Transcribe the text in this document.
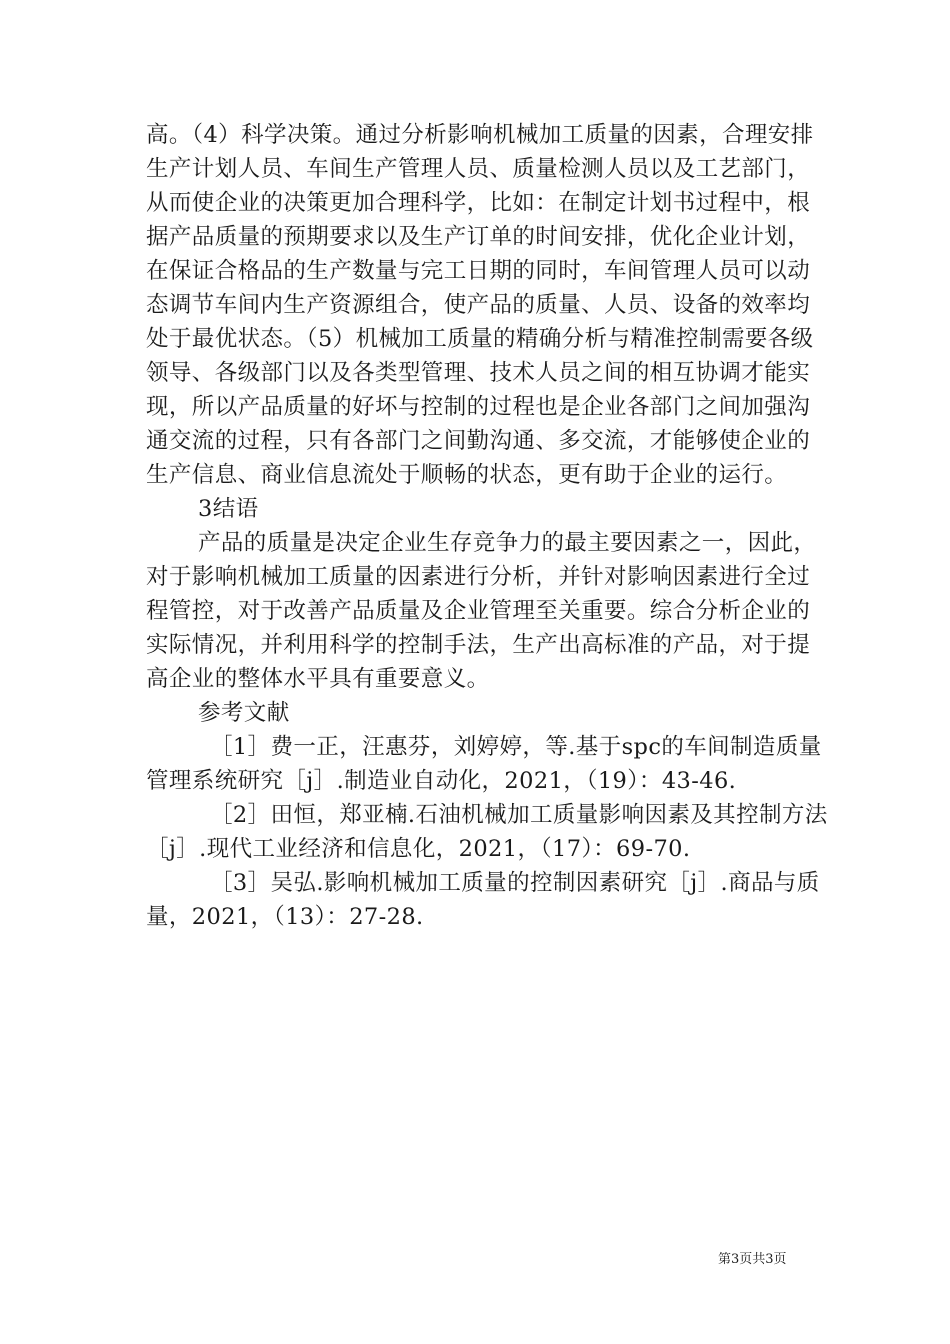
高。（4）科学决策。通过分析影响机械加工质量的因素，合理安排
生产计划人员、车间生产管理人员、质量检测人员以及工艺部门，
从而使企业的决策更加合理科学，比如：在制定计划书过程中，根
据产品质量的预期要求以及生产订单的时间安排，优化企业计划，
在保证合格品的生产数量与完工日期的同时，车间管理人员可以动
态调节车间内生产资源组合，使产品的质量、人员、设备的效率均
处于最优状态。（5）机械加工质量的精确分析与精准控制需要各级
领导、各级部门以及各类型管理、技术人员之间的相互协调才能实
现，所以产品质量的好坏与控制的过程也是企业各部门之间加强沟
通交流的过程，只有各部门之间勤沟通、多交流，才能够使企业的
生产信息、商业信息流处于顺畅的状态，更有助于企业的运行。
3结语
产品的质量是决定企业生存竞争力的最主要因素之一，因此，
对于影响机械加工质量的因素进行分析，并针对影响因素进行全过
程管控，对于改善产品质量及企业管理至关重要。综合分析企业的
实际情况，并利用科学的控制手法，生产出高标准的产品，对于提
高企业的整体水平具有重要意义。
参考文献
［1］费一正，汪惠芬，刘婷婷，等.基于spc的车间制造质量
管理系统研究［j］.制造业自动化，2021，（19）：43-46.
［2］田恒，郑亚楠.石油机械加工质量影响因素及其控制方法
［j］.现代工业经济和信息化，2021，（17）：69-70.
［3］吴弘.影响机械加工质量的控制因素研究［j］.商品与质
量，2021，（13）：27-28.
第3页共3页
